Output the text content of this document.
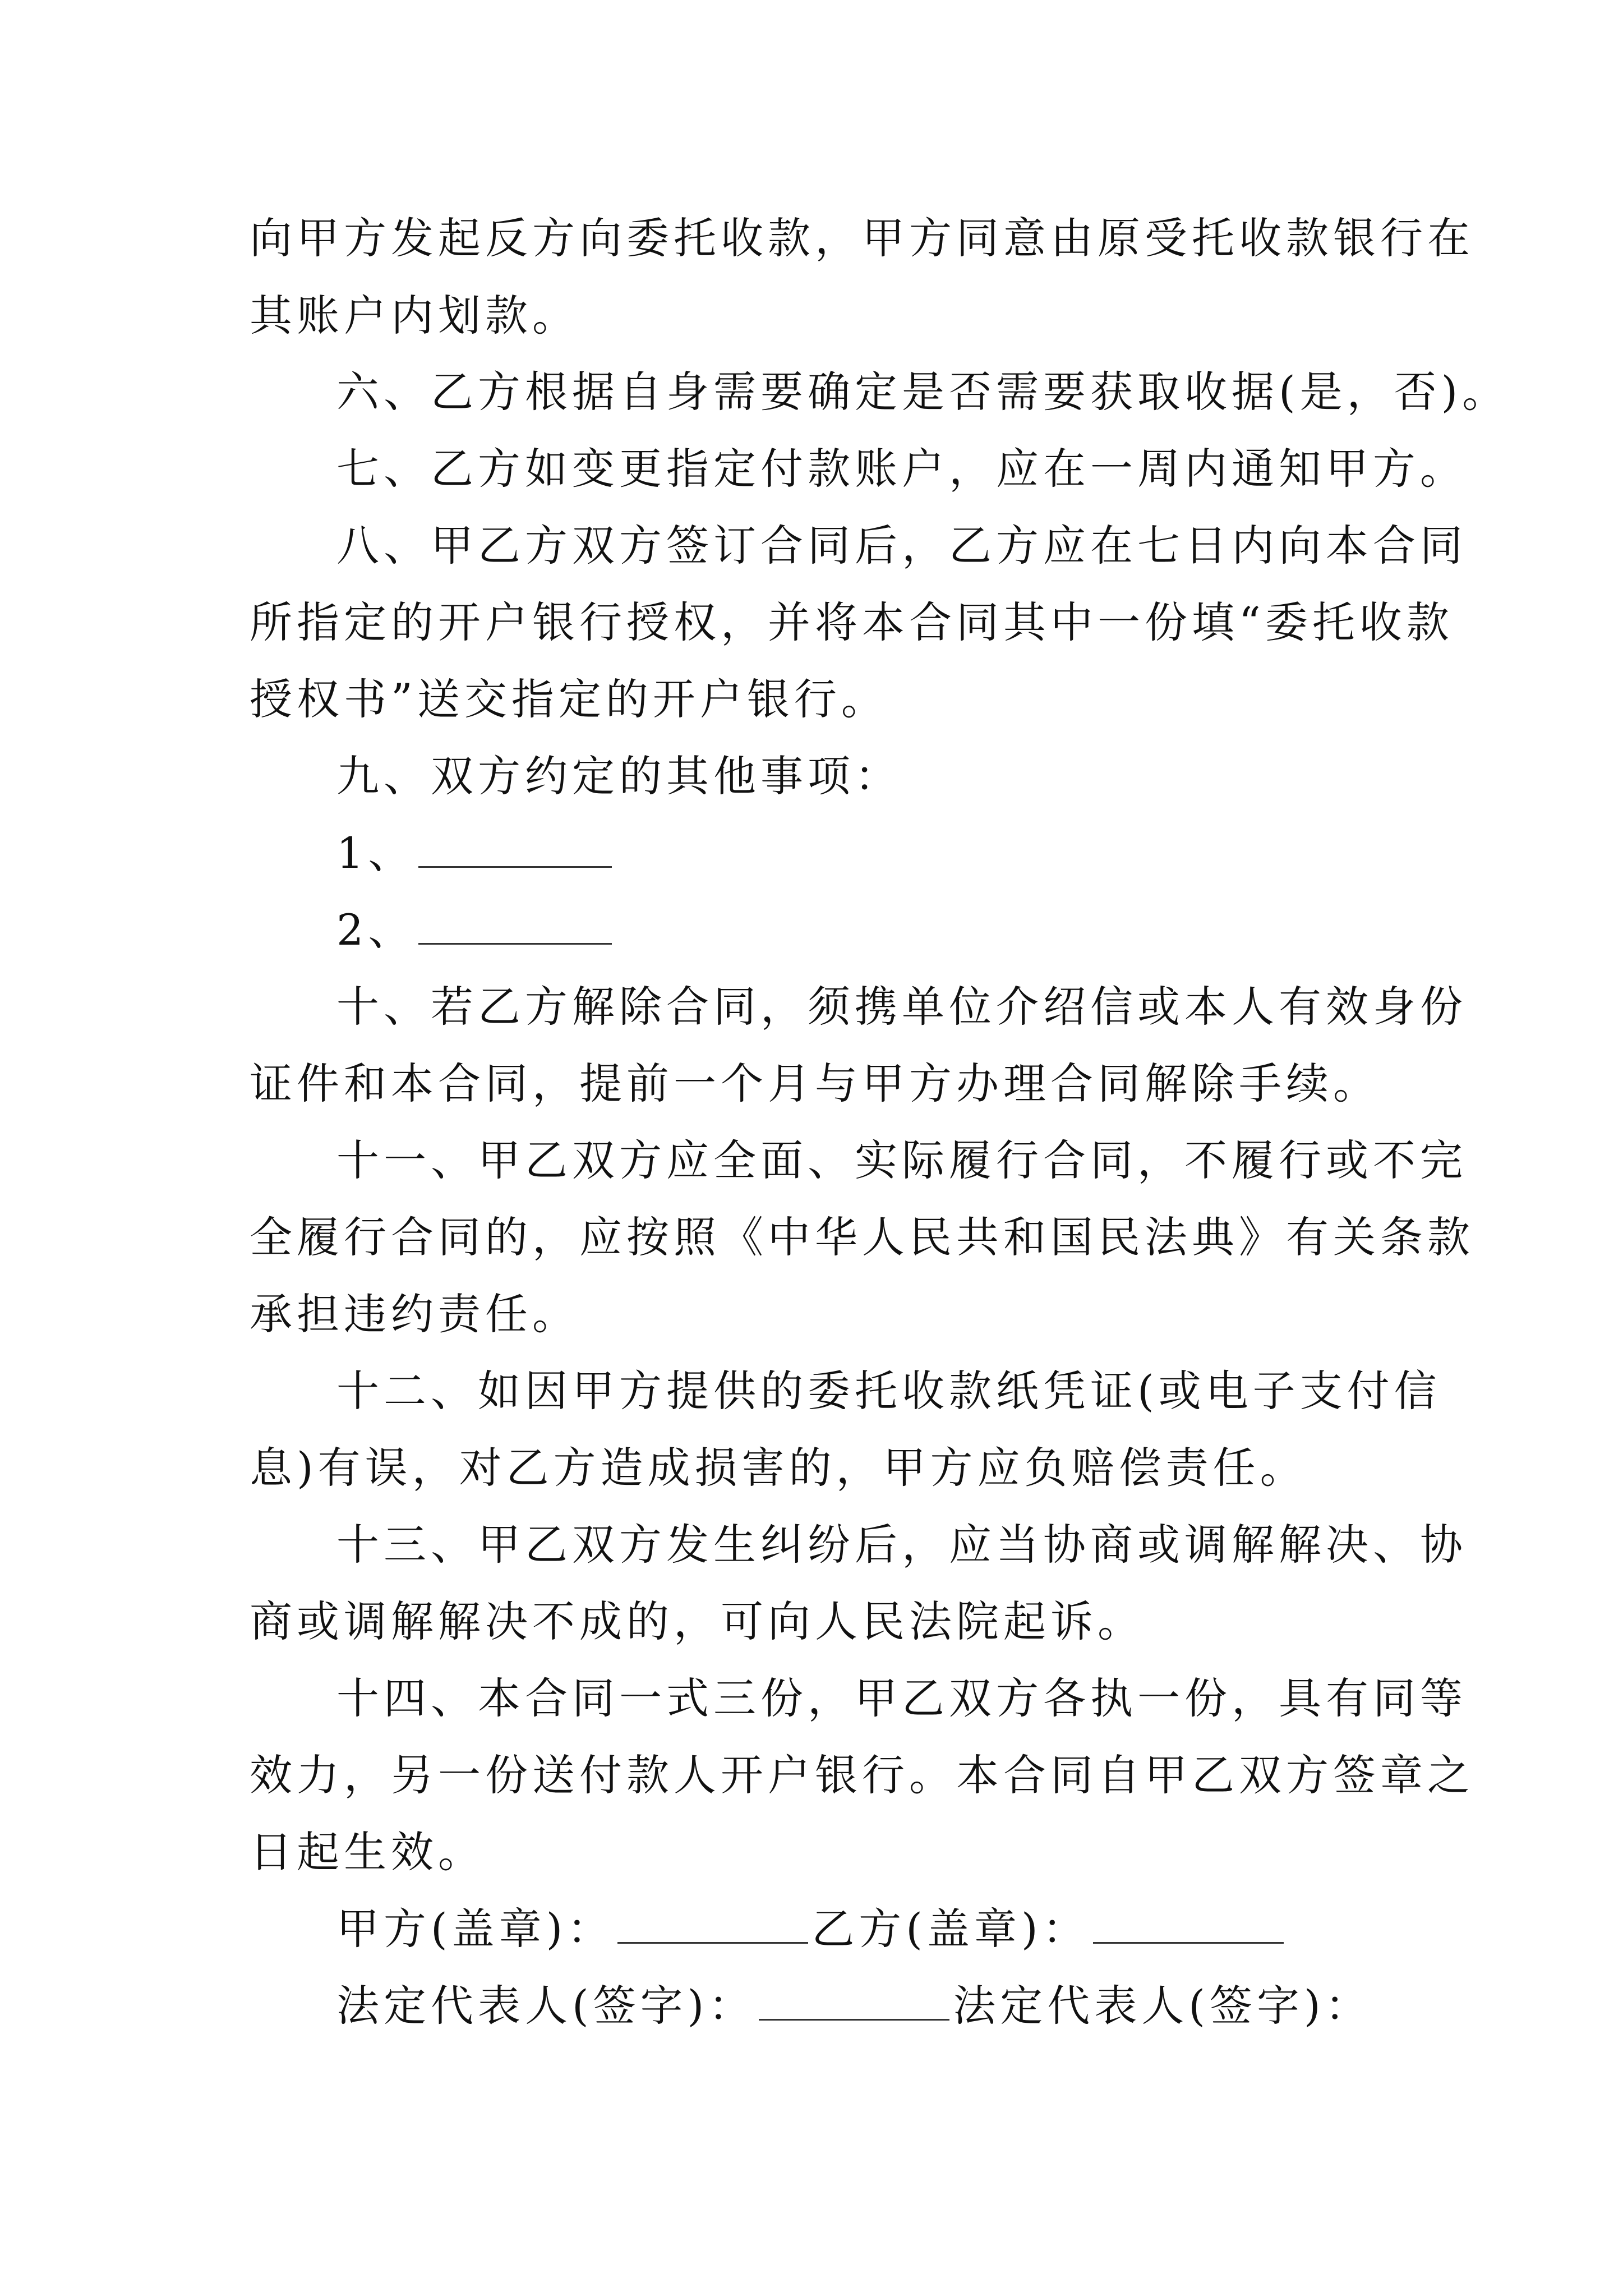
向甲方发起反方向委托收款，甲方同意由原受托收款银行在
其账户内划款。
六、乙方根据自身需要确定是否需要获取收据(是，否)。
七、乙方如变更指定付款账户，应在一周内通知甲方。
八、甲乙方双方签订合同后，乙方应在七日内向本合同
所指定的开户银行授权，并将本合同其中一份填“委托收款
授权书”送交指定的开户银行。
九、双方约定的其他事项：
1、
2、
十、若乙方解除合同，须携单位介绍信或本人有效身份
证件和本合同，提前一个月与甲方办理合同解除手续。
十一、甲乙双方应全面、实际履行合同，不履行或不完
全履行合同的，应按照《中华人民共和国民法典》有关条款
承担违约责任。
十二、如因甲方提供的委托收款纸凭证(或电子支付信
息)有误，对乙方造成损害的，甲方应负赔偿责任。
十三、甲乙双方发生纠纷后，应当协商或调解解决、协
商或调解解决不成的，可向人民法院起诉。
十四、本合同一式三份，甲乙双方各执一份，具有同等
效力，另一份送付款人开户银行。本合同自甲乙双方签章之
日起生效。
甲方(盖章)：	乙方(盖章)：
法定代表人(签字)：	法定代表人(签字)：
